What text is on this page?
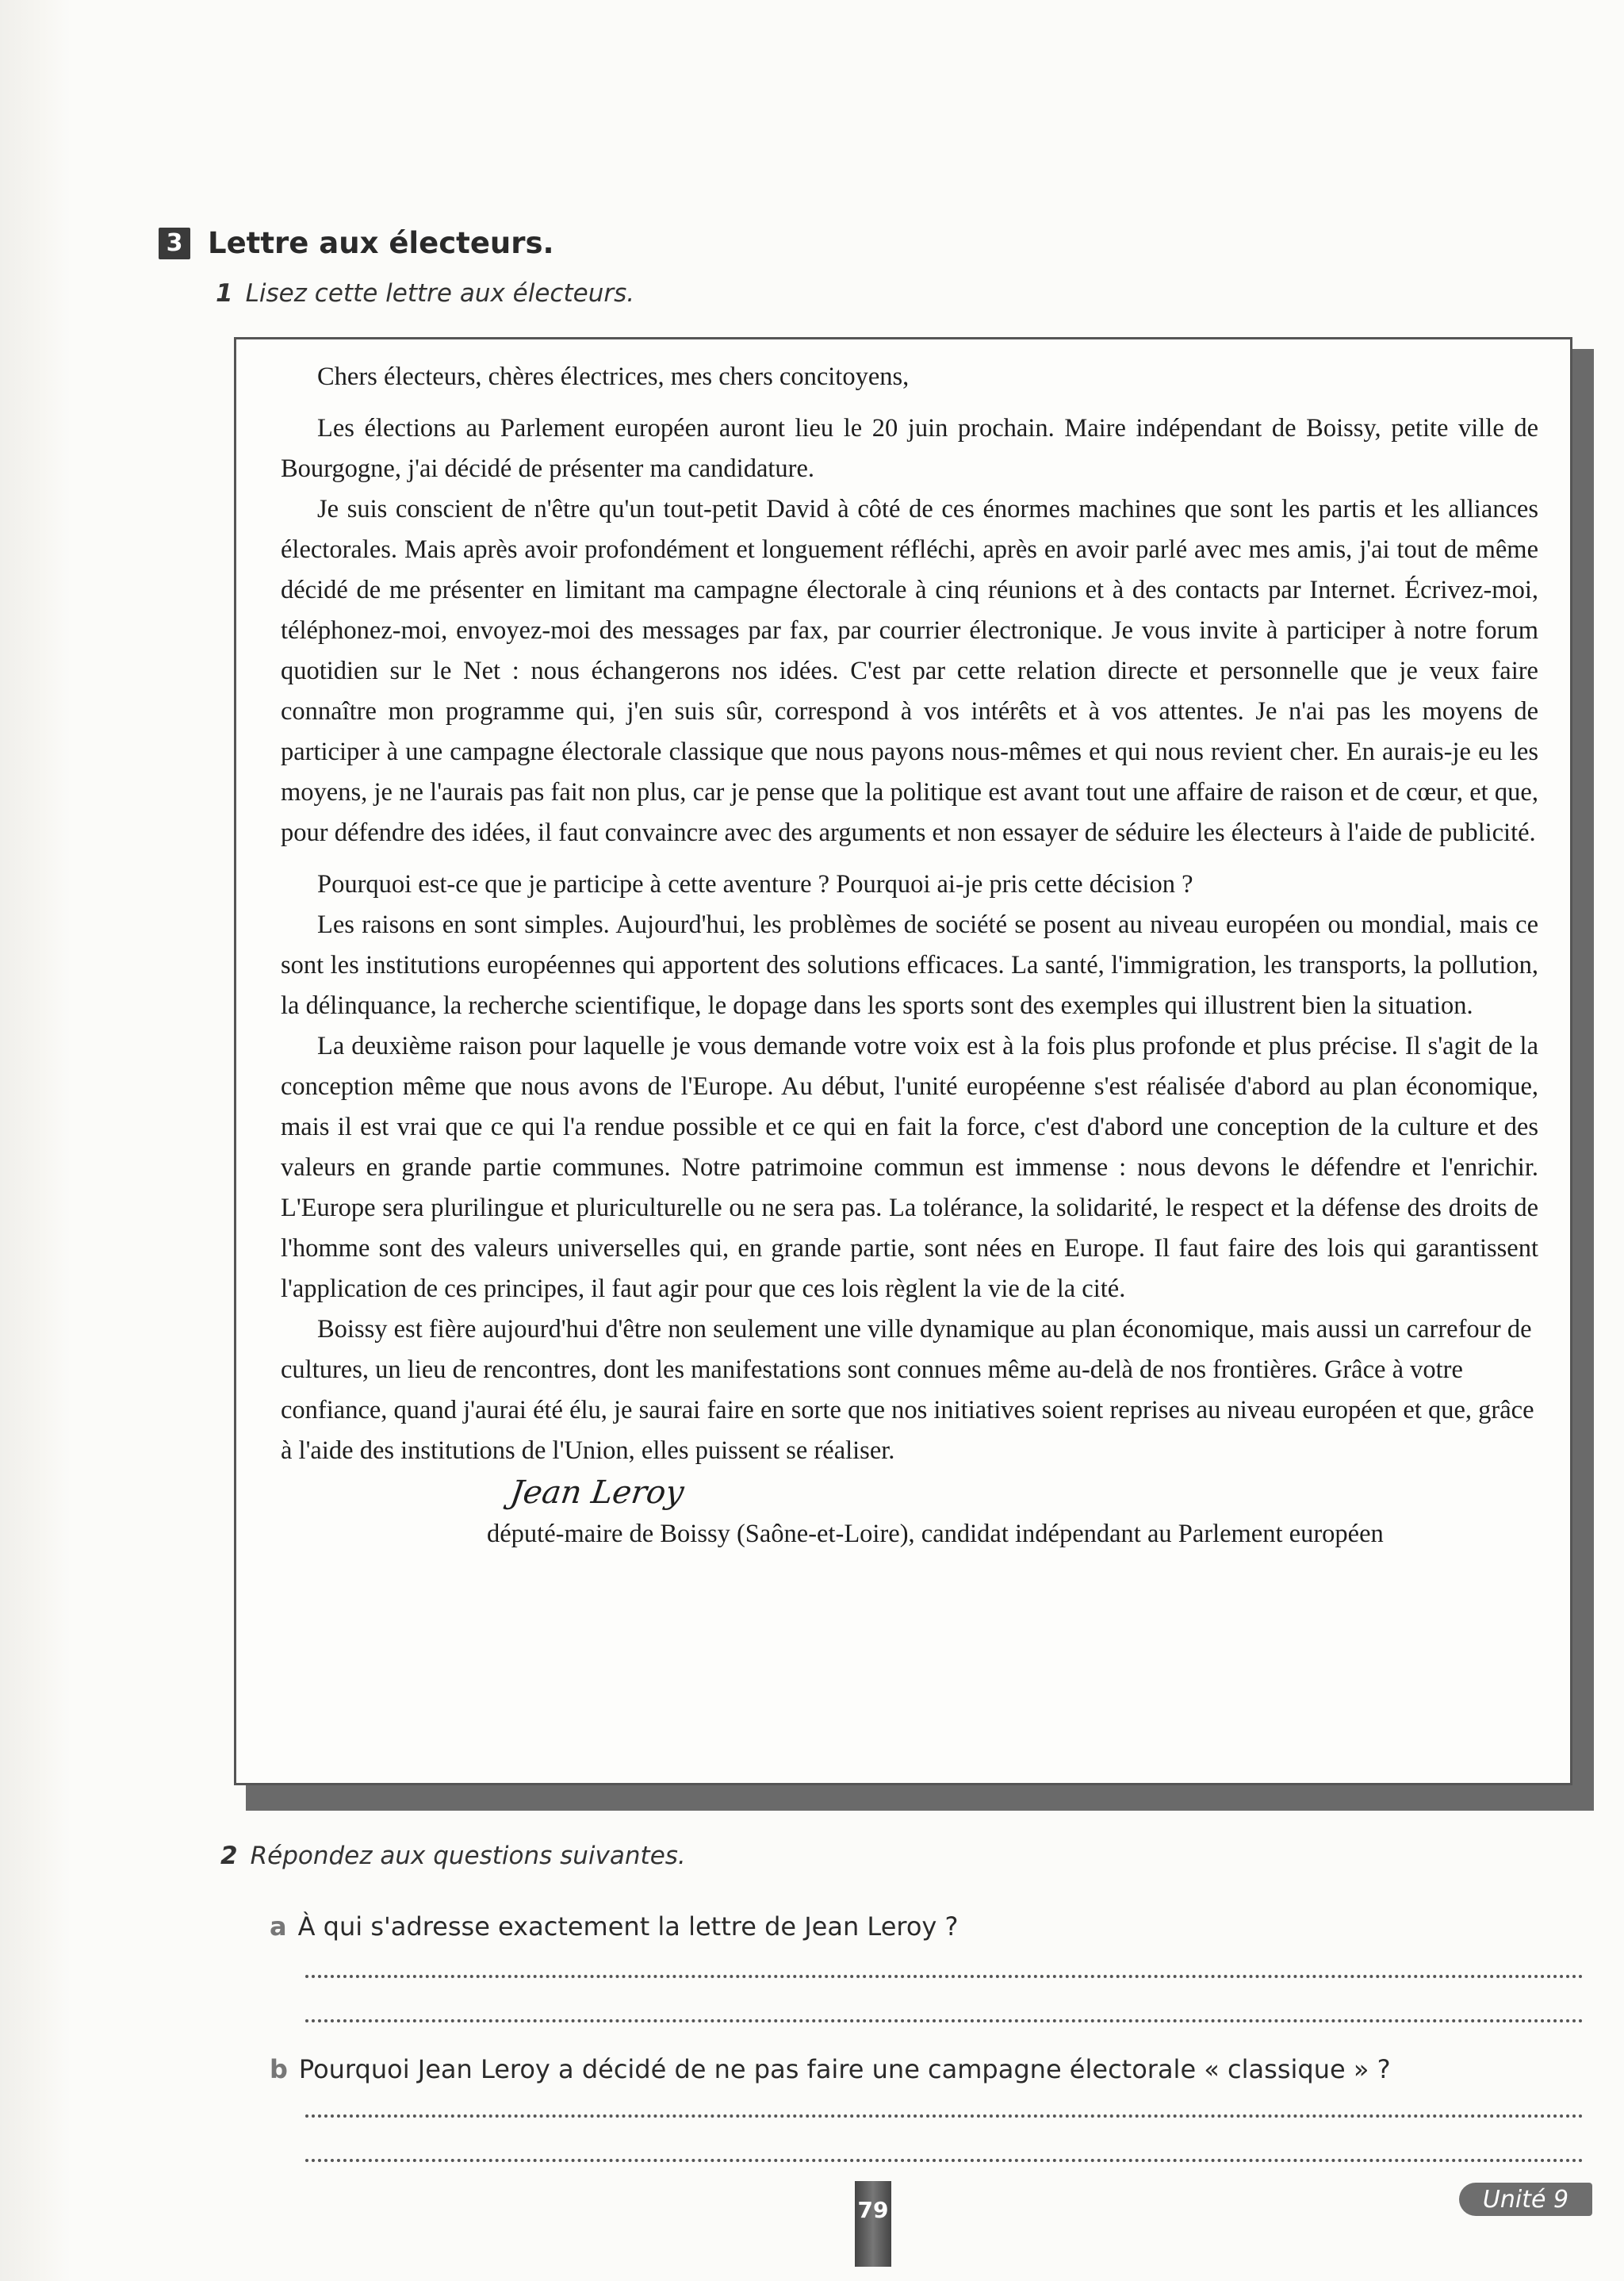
3 Lettre aux électeurs.
1 Lisez cette lettre aux électeurs.

Chers électeurs, chères électrices, mes chers concitoyens,

Les élections au Parlement européen auront lieu le 20 juin prochain. Maire indépendant de Boissy, petite ville de Bourgogne, j'ai décidé de présenter ma candidature.

Je suis conscient de n'être qu'un tout-petit David à côté de ces énormes machines que sont les partis et les alliances électorales. Mais après avoir profondément et longuement réfléchi, après en avoir parlé avec mes amis, j'ai tout de même décidé de me présenter en limitant ma campagne électorale à cinq réunions et à des contacts par Internet. Écrivez-moi, téléphonez-moi, envoyez-moi des messages par fax, par courrier électronique. Je vous invite à participer à notre forum quotidien sur le Net : nous échangerons nos idées. C'est par cette relation directe et personnelle que je veux faire connaître mon programme qui, j'en suis sûr, correspond à vos intérêts et à vos attentes. Je n'ai pas les moyens de participer à une campagne électorale classique que nous payons nous-mêmes et qui nous revient cher. En aurais-je eu les moyens, je ne l'aurais pas fait non plus, car je pense que la politique est avant tout une affaire de raison et de cœur, et que, pour défendre des idées, il faut convaincre avec des arguments et non essayer de séduire les électeurs à l'aide de publicité.

Pourquoi est-ce que je participe à cette aventure ? Pourquoi ai-je pris cette décision ?

Les raisons en sont simples. Aujourd'hui, les problèmes de société se posent au niveau européen ou mondial, mais ce sont les institutions européennes qui apportent des solutions efficaces. La santé, l'immigration, les transports, la pollution, la délinquance, la recherche scientifique, le dopage dans les sports sont des exemples qui illustrent bien la situation.

La deuxième raison pour laquelle je vous demande votre voix est à la fois plus profonde et plus précise. Il s'agit de la conception même que nous avons de l'Europe. Au début, l'unité européenne s'est réalisée d'abord au plan économique, mais il est vrai que ce qui l'a rendue possible et ce qui en fait la force, c'est d'abord une conception de la culture et des valeurs en grande partie communes. Notre patrimoine commun est immense : nous devons le défendre et l'enrichir. L'Europe sera plurilingue et pluriculturelle ou ne sera pas. La tolérance, la solidarité, le respect et la défense des droits de l'homme sont des valeurs universelles qui, en grande partie, sont nées en Europe. Il faut faire des lois qui garantissent l'application de ces principes, il faut agir pour que ces lois règlent la vie de la cité.

Boissy est fière aujourd'hui d'être non seulement une ville dynamique au plan économique, mais aussi un carrefour de cultures, un lieu de rencontres, dont les manifestations sont connues même au-delà de nos frontières. Grâce à votre confiance, quand j'aurai été élu, je saurai faire en sorte que nos initiatives soient reprises au niveau européen et que, grâce à l'aide des institutions de l'Union, elles puissent se réaliser.

Jean Leroy
député-maire de Boissy (Saône-et-Loire), candidat indépendant au Parlement européen
2 Répondez aux questions suivantes.
a À qui s'adresse exactement la lettre de Jean Leroy ?
b Pourquoi Jean Leroy a décidé de ne pas faire une campagne électorale « classique » ?
79	Unité 9
